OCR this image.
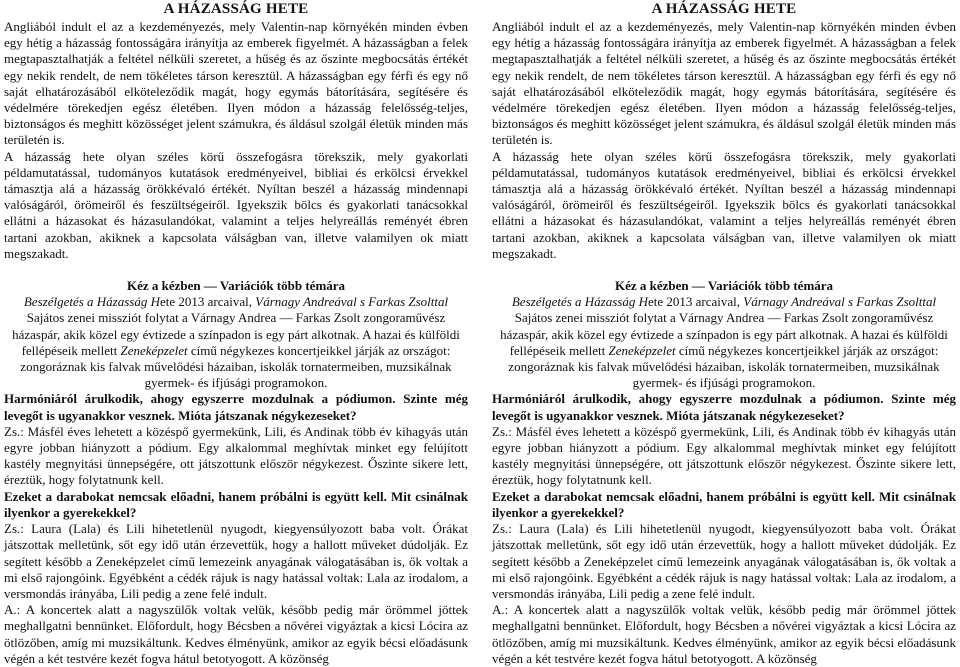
A HÁZASSÁG HETE

Angliából indult el az a kezdeményezés, mely Valentin-nap környékén minden évben egy hétig a házasság fontosságára irányítja az emberek figyelmét. A házasságban a felek megtapasztalhatják a feltétel nélküli szeretet, a hűség és az őszinte megbocsátás értékét egy nekik rendelt, de nem tökéletes társon keresztül. A házasságban egy férfi és egy nő saját elhatározásából elköteleződik magát, hogy egymás bátorítására, segítésére és védelmére törekedjen egész életében. Ilyen módon a házasság felelősség-teljes, biztonságos és meghitt közösséget jelent számukra, és áldásul szolgál életük minden más területén is.

A házasság hete olyan széles körű összefogásra törekszik, mely gyakorlati példamutatással, tudományos kutatások eredményeivel, bibliai és erkölcsi érvekkel támasztja alá a házasság örökkévaló értékét. Nyíltan beszél a házasság mindennapi valóságáról, örömeiről és feszültségeiről. Igyekszik bölcs és gyakorlati tanácsokkal ellátni a házasokat és házasulandókat, valamint a teljes helyreállás reményét ébren tartani azokban, akiknek a kapcsolata válságban van, illetve valamilyen ok miatt megszakadt.

Kéz a kézben — Variációk több témára

Beszélgetés a Házasság Hete 2013 arcaival, Várnagy Andreával s Farkas Zsolttal

Sajátos zenei missziót folytat a Várnagy Andrea — Farkas Zsolt zongoraművész házaspár, akik közel egy évtizede a színpadon is egy párt alkotnak. A hazai és külföldi fellépéseik mellett Zeneképzelet című négykezes koncertjeikkel járják az országot: zongoráznak kis falvak művelődési házaiban, iskolák tornatermeiben, muzsikálnak gyermek- és ifjúsági programokon.

Harmóniáról árulkodik, ahogy egyszerre mozdulnak a pódiumon. Szinte még levegőt is ugyanakkor vesznek. Mióta játszanak négykezeseket?

Zs.: Másfél éves lehetett a közéspő gyermekünk, Lili, és Andinak több év kihagyás után egyre jobban hiányzott a pódium. Egy alkalommal meghívtak minket egy felújított kastély megnyitási ünnepségére, ott játszottunk először négykezest. Őszinte sikere lett, éreztük, hogy folytatnunk kell.

Ezeket a darabokat nemcsak előadni, hanem próbálni is együtt kell. Mit csinálnak ilyenkor a gyerekekkel?

Zs.: Laura (Lala) és Lili hihetetlenül nyugodt, kiegyensúlyozott baba volt. Órákat játszottak melletünk, sőt egy idő után érzevettük, hogy a hallott műveket dúdolják. Ez segített később a Zeneképzelet című lemezeink anyagának válogatásában is, ők voltak a mi első rajongóink. Egyébként a cédék rájuk is nagy hatással voltak: Lala az irodalom, a versmondás irányába, Lili pedig a zene felé indult.

A.: A koncertek alatt a nagyszülők voltak velük, később pedig már örömmel jöttek meghallgatni bennünket. Előfordult, hogy Bécsben a nővérei vigyáztak a kicsi Lócira az ötlözőben, amíg mi muzsikáltunk. Kedves élményünk, amikor az egyik bécsi előadásunk végén a két testvére kezét fogva hátul betotyogott. A közönség

A HÁZASSÁG HETE

Angliából indult el az a kezdeményezés, mely Valentin-nap környékén minden évben egy hétig a házasság fontosságára irányítja az emberek figyelmét. A házasságban a felek megtapasztalhatják a feltétel nélküli szeretet, a hűség és az őszinte megbocsátás értékét egy nekik rendelt, de nem tökéletes társon keresztül. A házasságban egy férfi és egy nő saját elhatározásából elköteleződik magát, hogy egymás bátorítására, segítésére és védelmére törekedjen egész életében. Ilyen módon a házasság felelősség-teljes, biztonságos és meghitt közösséget jelent számukra, és áldásul szolgál életük minden más területén is.

A házasság hete olyan széles körű összefogásra törekszik, mely gyakorlati példamutatással, tudományos kutatások eredményeivel, bibliai és erkölcsi érvekkel támasztja alá a házasság örökkévaló értékét. Nyíltan beszél a házasság mindennapi valóságáról, örömeiről és feszültségeiről. Igyekszik bölcs és gyakorlati tanácsokkal ellátni a házasokat és házasulandókat, valamint a teljes helyreállás reményét ébren tartani azokban, akiknek a kapcsolata válságban van, illetve valamilyen ok miatt megszakadt.

Kéz a kézben — Variációk több témára

Beszélgetés a Házasság Hete 2013 arcaival, Várnagy Andreával s Farkas Zsolttal

Sajátos zenei missziót folytat a Várnagy Andrea — Farkas Zsolt zongoraművész házaspár, akik közel egy évtizede a színpadon is egy párt alkotnak. A hazai és külföldi fellépéseik mellett Zeneképzelet című négykezes koncertjeikkel járják az országot: zongoráznak kis falvak művelődési házaiban, iskolák tornatermeiben, muzsikálnak gyermek- és ifjúsági programokon.

Harmóniáról árulkodik, ahogy egyszerre mozdulnak a pódiumon. Szinte még levegőt is ugyanakkor vesznek. Mióta játszanak négykezeseket?

Zs.: Másfél éves lehetett a közéspő gyermekünk, Lili, és Andinak több év kihagyás után egyre jobban hiányzott a pódium. Egy alkalommal meghívtak minket egy felújított kastély megnyitási ünnepségére, ott játszottunk először négykezest. Őszinte sikere lett, éreztük, hogy folytatnunk kell.

Ezeket a darabokat nemcsak előadni, hanem próbálni is együtt kell. Mit csinálnak ilyenkor a gyerekekkel?

Zs.: Laura (Lala) és Lili hihetetlenül nyugodt, kiegyensúlyozott baba volt. Órákat játszottak melletünk, sőt egy idő után érzevettük, hogy a hallott műveket dúdolják. Ez segített később a Zeneképzelet című lemezeink anyagának válogatásában is, ők voltak a mi első rajongóink. Egyébként a cédék rájuk is nagy hatással voltak: Lala az irodalom, a versmondás irányába, Lili pedig a zene felé indult.

A.: A koncertek alatt a nagyszülők voltak velük, később pedig már örömmel jöttek meghallgatni bennünket. Előfordult, hogy Bécsben a nővérei vigyáztak a kicsi Lócira az ötlözőben, amíg mi muzsikáltunk. Kedves élményünk, amikor az egyik bécsi előadásunk végén a két testvére kezét fogva hátul betotyogott. A közönség
